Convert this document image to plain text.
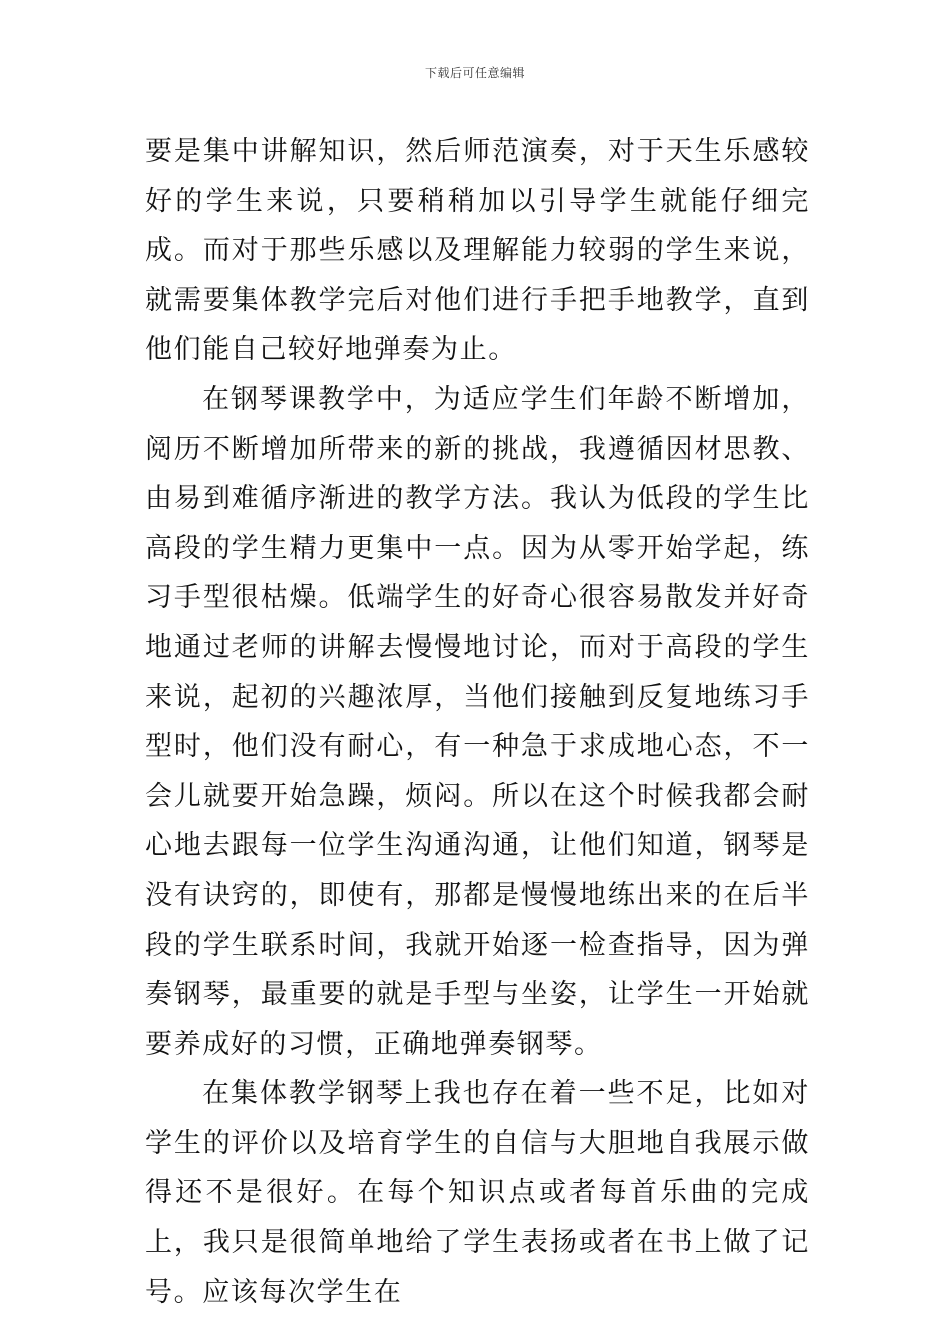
下载后可任意编辑

要是集中讲解知识，然后师范演奏，对于天生乐感较好的学生来说，只要稍稍加以引导学生就能仔细完成。而对于那些乐感以及理解能力较弱的学生来说，就需要集体教学完后对他们进行手把手地教学，直到他们能自己较好地弹奏为止。

在钢琴课教学中，为适应学生们年龄不断增加，阅历不断增加所带来的新的挑战，我遵循因材思教、由易到难循序渐进的教学方法。我认为低段的学生比高段的学生精力更集中一点。因为从零开始学起，练习手型很枯燥。低端学生的好奇心很容易散发并好奇地通过老师的讲解去慢慢地讨论，而对于高段的学生来说，起初的兴趣浓厚，当他们接触到反复地练习手型时，他们没有耐心，有一种急于求成地心态，不一会儿就要开始急躁，烦闷。所以在这个时候我都会耐心地去跟每一位学生沟通沟通，让他们知道，钢琴是没有诀窍的，即使有，那都是慢慢地练出来的在后半段的学生联系时间，我就开始逐一检查指导，因为弹奏钢琴，最重要的就是手型与坐姿，让学生一开始就要养成好的习惯，正确地弹奏钢琴。

在集体教学钢琴上我也存在着一些不足，比如对学生的评价以及培育学生的自信与大胆地自我展示做得还不是很好。在每个知识点或者每首乐曲的完成上，我只是很简单地给了学生表扬或者在书上做了记号。应该每次学生在
